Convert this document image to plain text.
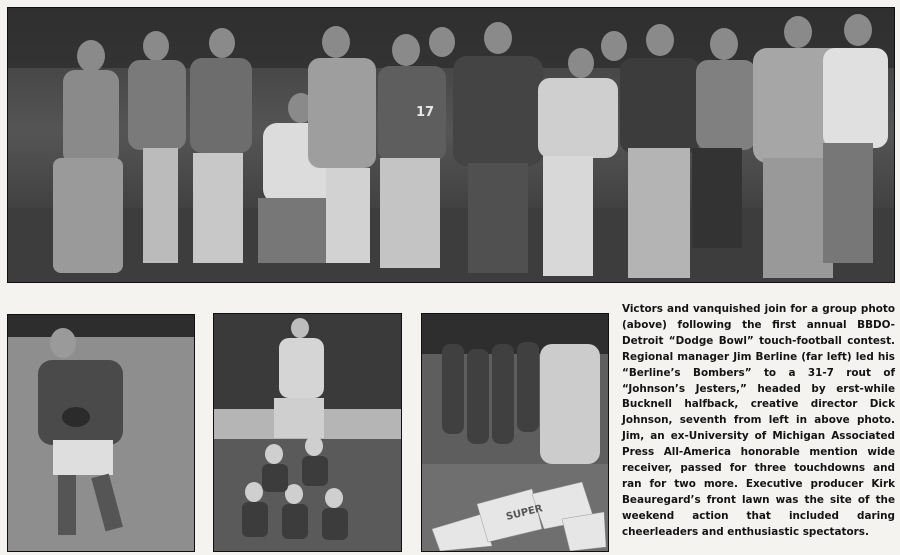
17
SUPER

Victors and vanquished join for a group photo (above) following the first annual BBDO-Detroit “Dodge Bowl” touch-football contest. Regional manager Jim Berline (far left) led his “Berline’s Bombers” to a 31-7 rout of “Johnson’s Jesters,” headed by erst-while Bucknell halfback, creative director Dick Johnson, seventh from left in above photo. Jim, an ex-University of Michigan Associated Press All-America honorable mention wide receiver, passed for three touchdowns and ran for two more. Executive producer Kirk Beauregard’s front lawn was the site of the weekend action that included daring cheerleaders and enthusiastic spectators.
